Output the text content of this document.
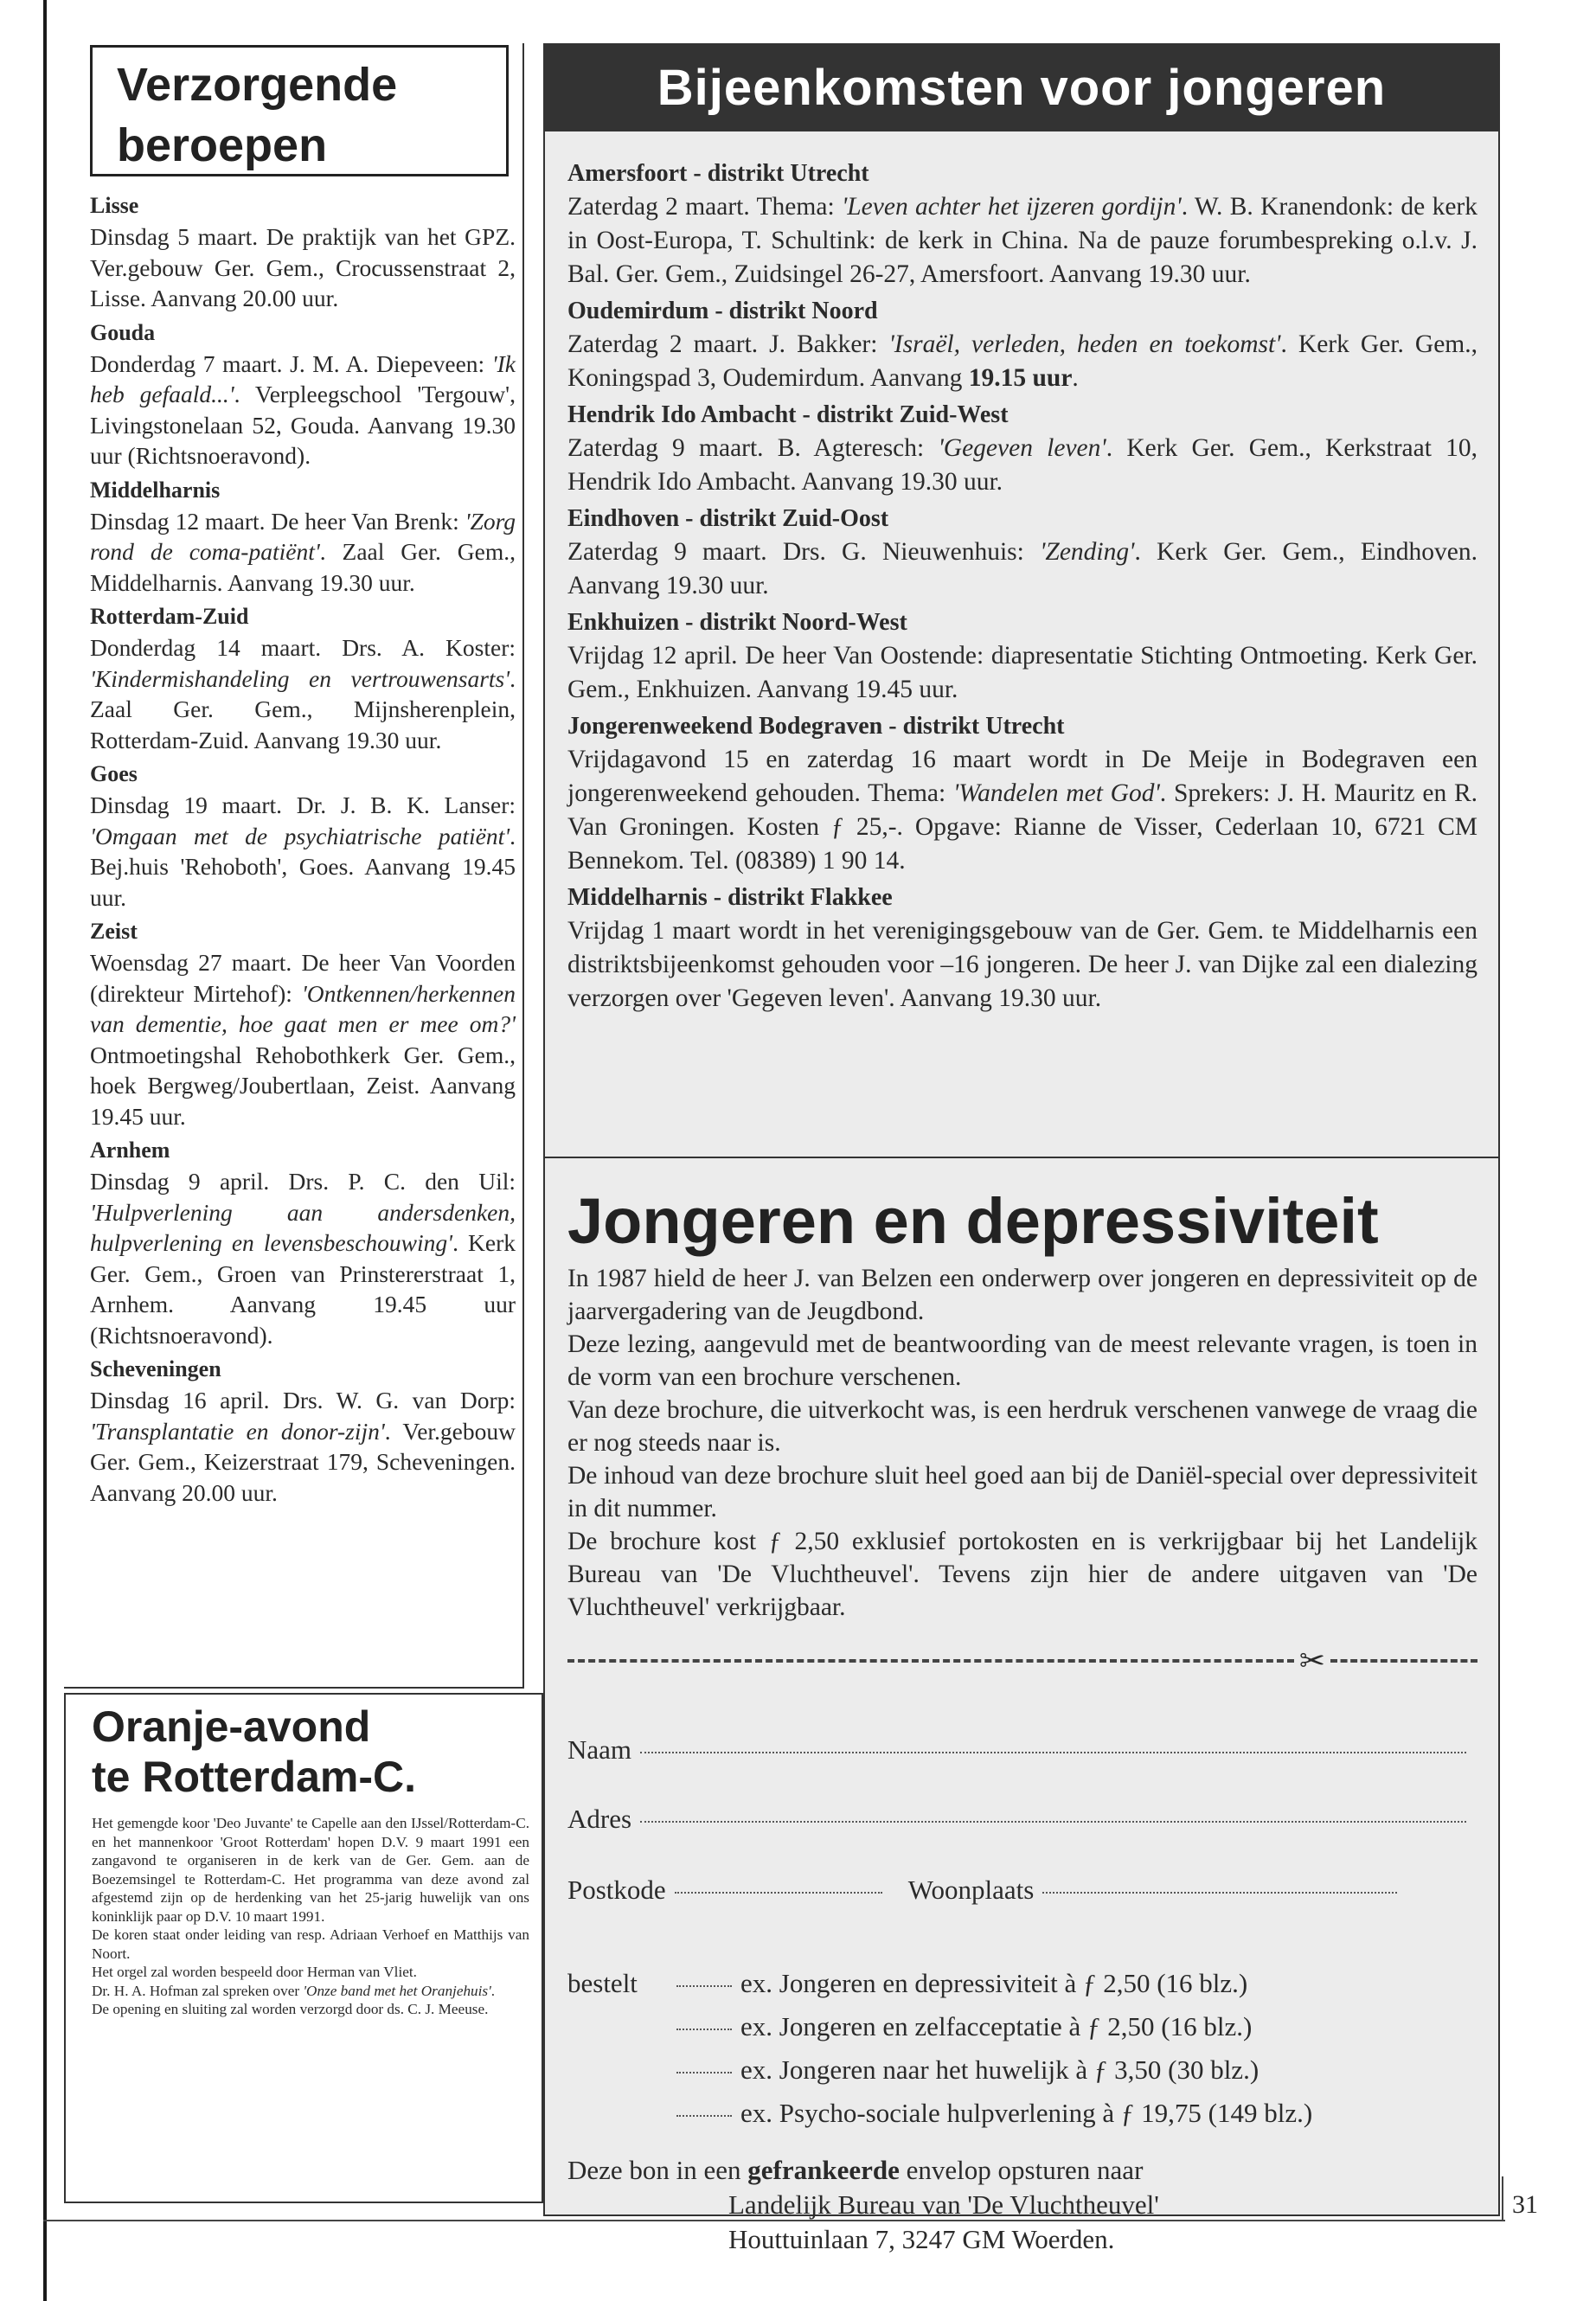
Verzorgende
beroepen
Lisse
Dinsdag 5 maart. De praktijk van het GPZ. Ver.gebouw Ger. Gem., Crocussenstraat 2, Lisse. Aanvang 20.00 uur.
Gouda
Donderdag 7 maart. J. M. A. Diepeveen: 'Ik heb gefaald...'. Verpleegschool 'Tergouw', Livingstonelaan 52, Gouda. Aanvang 19.30 uur (Richtsnoeravond).
Middelharnis
Dinsdag 12 maart. De heer Van Brenk: 'Zorg rond de coma-patiënt'. Zaal Ger. Gem., Middelharnis. Aanvang 19.30 uur.
Rotterdam-Zuid
Donderdag 14 maart. Drs. A. Koster: 'Kindermishandeling en vertrouwensarts'. Zaal Ger. Gem., Mijnsherenplein, Rotterdam-Zuid. Aanvang 19.30 uur.
Goes
Dinsdag 19 maart. Dr. J. B. K. Lanser: 'Omgaan met de psychiatrische patiënt'. Bej.huis 'Rehoboth', Goes. Aanvang 19.45 uur.
Zeist
Woensdag 27 maart. De heer Van Voorden (direkteur Mirtehof): 'Ontkennen/herkennen van dementie, hoe gaat men er mee om?' Ontmoetingshal Rehobothkerk Ger. Gem., hoek Bergweg/Joubertlaan, Zeist. Aanvang 19.45 uur.
Arnhem
Dinsdag 9 april. Drs. P. C. den Uil: 'Hulpverlening aan andersdenken, hulpverlening en levensbeschouwing'. Kerk Ger. Gem., Groen van Prinstererstraat 1, Arnhem. Aanvang 19.45 uur (Richtsnoeravond).
Scheveningen
Dinsdag 16 april. Drs. W. G. van Dorp: 'Transplantatie en donor-zijn'. Ver.gebouw Ger. Gem., Keizerstraat 179, Scheveningen. Aanvang 20.00 uur.
Oranje-avond
te Rotterdam-C.
Het gemengde koor 'Deo Juvante' te Capelle aan den IJssel/Rotterdam-C. en het mannenkoor 'Groot Rotterdam' hopen D.V. 9 maart 1991 een zangavond te organiseren in de kerk van de Ger. Gem. aan de Boezemsingel te Rotterdam-C. Het programma van deze avond zal afgestemd zijn op de herdenking van het 25-jarig huwelijk van ons koninklijk paar op D.V. 10 maart 1991.
De koren staat onder leiding van resp. Adriaan Verhoef en Matthijs van Noort.
Het orgel zal worden bespeeld door Herman van Vliet.
Dr. H. A. Hofman zal spreken over 'Onze band met het Oranjehuis'.
De opening en sluiting zal worden verzorgd door ds. C. J. Meeuse.
Bijeenkomsten voor jongeren
Amersfoort - distrikt Utrecht
Zaterdag 2 maart. Thema: 'Leven achter het ijzeren gordijn'. W. B. Kranendonk: de kerk in Oost-Europa, T. Schultink: de kerk in China. Na de pauze forumbespreking o.l.v. J. Bal. Ger. Gem., Zuidsingel 26-27, Amersfoort. Aanvang 19.30 uur.
Oudemirdum - distrikt Noord
Zaterdag 2 maart. J. Bakker: 'Israël, verleden, heden en toekomst'. Kerk Ger. Gem., Koningspad 3, Oudemirdum. Aanvang 19.15 uur.
Hendrik Ido Ambacht - distrikt Zuid-West
Zaterdag 9 maart. B. Agteresch: 'Gegeven leven'. Kerk Ger. Gem., Kerkstraat 10, Hendrik Ido Ambacht. Aanvang 19.30 uur.
Eindhoven - distrikt Zuid-Oost
Zaterdag 9 maart. Drs. G. Nieuwenhuis: 'Zending'. Kerk Ger. Gem., Eindhoven. Aanvang 19.30 uur.
Enkhuizen - distrikt Noord-West
Vrijdag 12 april. De heer Van Oostende: diapresentatie Stichting Ontmoeting. Kerk Ger. Gem., Enkhuizen. Aanvang 19.45 uur.
Jongerenweekend Bodegraven - distrikt Utrecht
Vrijdagavond 15 en zaterdag 16 maart wordt in De Meije in Bodegraven een jongerenweekend gehouden. Thema: 'Wandelen met God'. Sprekers: J. H. Mauritz en R. Van Groningen. Kosten ƒ 25,-. Opgave: Rianne de Visser, Cederlaan 10, 6721 CM Bennekom. Tel. (08389) 1 90 14.
Middelharnis - distrikt Flakkee
Vrijdag 1 maart wordt in het verenigingsgebouw van de Ger. Gem. te Middelharnis een distriktsbijeenkomst gehouden voor –16 jongeren. De heer J. van Dijke zal een dialezing verzorgen over 'Gegeven leven'. Aanvang 19.30 uur.
Jongeren en depressiviteit

In 1987 hield de heer J. van Belzen een onderwerp over jongeren en depressiviteit op de jaarvergadering van de Jeugdbond.

Deze lezing, aangevuld met de beantwoording van de meest relevante vragen, is toen in de vorm van een brochure verschenen.

Van deze brochure, die uitverkocht was, is een herdruk verschenen vanwege de vraag die er nog steeds naar is.

De inhoud van deze brochure sluit heel goed aan bij de Daniël-special over depressiviteit in dit nummer.

De brochure kost ƒ 2,50 exklusief portokosten en is verkrijgbaar bij het Landelijk Bureau van 'De Vluchtheuvel'. Tevens zijn hier de andere uitgaven van 'De Vluchtheuvel' verkrijgbaar.

✂
Naam
Adres
Postkode	Woonplaats
bestelt	ex. Jongeren en depressiviteit à ƒ 2,50 (16 blz.)
ex. Jongeren en zelfacceptatie à ƒ 2,50 (16 blz.)
ex. Jongeren naar het huwelijk à ƒ 3,50 (30 blz.)
ex. Psycho-sociale hulpverlening à ƒ 19,75 (149 blz.)
Deze bon in een gefrankeerde envelop opsturen naar
Landelijk Bureau van 'De Vluchtheuvel'
Houttuinlaan 7, 3247 GM Woerden.
31
